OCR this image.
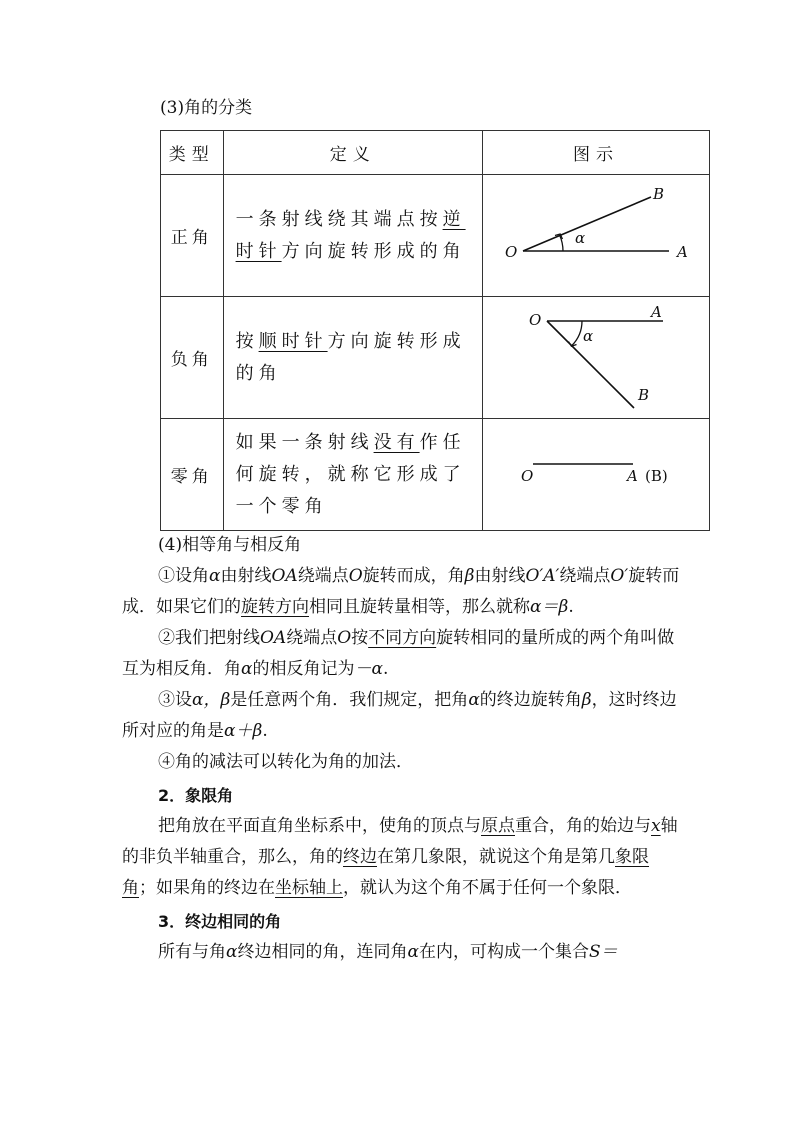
(3)角的分类
类型	定义	图示
正角	一条射线绕其端点按逆时针方向旋转形成的角	O A
B
α

负角	按顺时针方向旋转形成的角	O A
B
α

零角	如果一条射线没有作任何旋转，就称它形成了一个零角	O A (B)

(4)相等角与相反角

①设角α由射线OA绕端点O旋转而成，角β由射线O′A′绕端点O′旋转而成．如果它们的旋转方向相同且旋转量相等，那么就称α＝β.

②我们把射线OA绕端点O按不同方向旋转相同的量所成的两个角叫做互为相反角．角α的相反角记为－α.

③设α，β是任意两个角．我们规定，把角α的终边旋转角β，这时终边所对应的角是α＋β.

④角的减法可以转化为角的加法．

2．象限角

把角放在平面直角坐标系中，使角的顶点与原点重合，角的始边与x轴的非负半轴重合，那么，角的终边在第几象限，就说这个角是第几象限角；如果角的终边在坐标轴上，就认为这个角不属于任何一个象限．

3．终边相同的角

所有与角α终边相同的角，连同角α在内，可构成一个集合S＝
